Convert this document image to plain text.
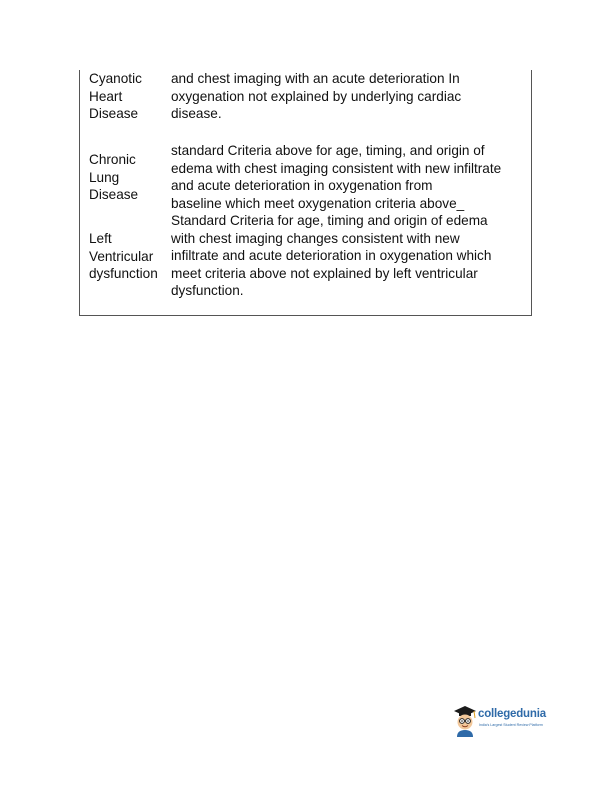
Cyanotic
Heart
Disease
and chest imaging with an acute deterioration In
oxygenation not explained by underlying cardiac
disease.
Chronic
Lung
Disease
standard Criteria above for age, timing, and origin of
edema with chest imaging consistent with new infiltrate
and acute deterioration in oxygenation from
baseline which meet oxygenation criteria above_
Left
Ventricular
dysfunction
Standard Criteria for age, timing and origin of edema
with chest imaging changes consistent with new
infiltrate and acute deterioration in oxygenation which
meet criteria above not explained by left ventricular
dysfunction.
collegedunia
India's Largest Student Review Platform
